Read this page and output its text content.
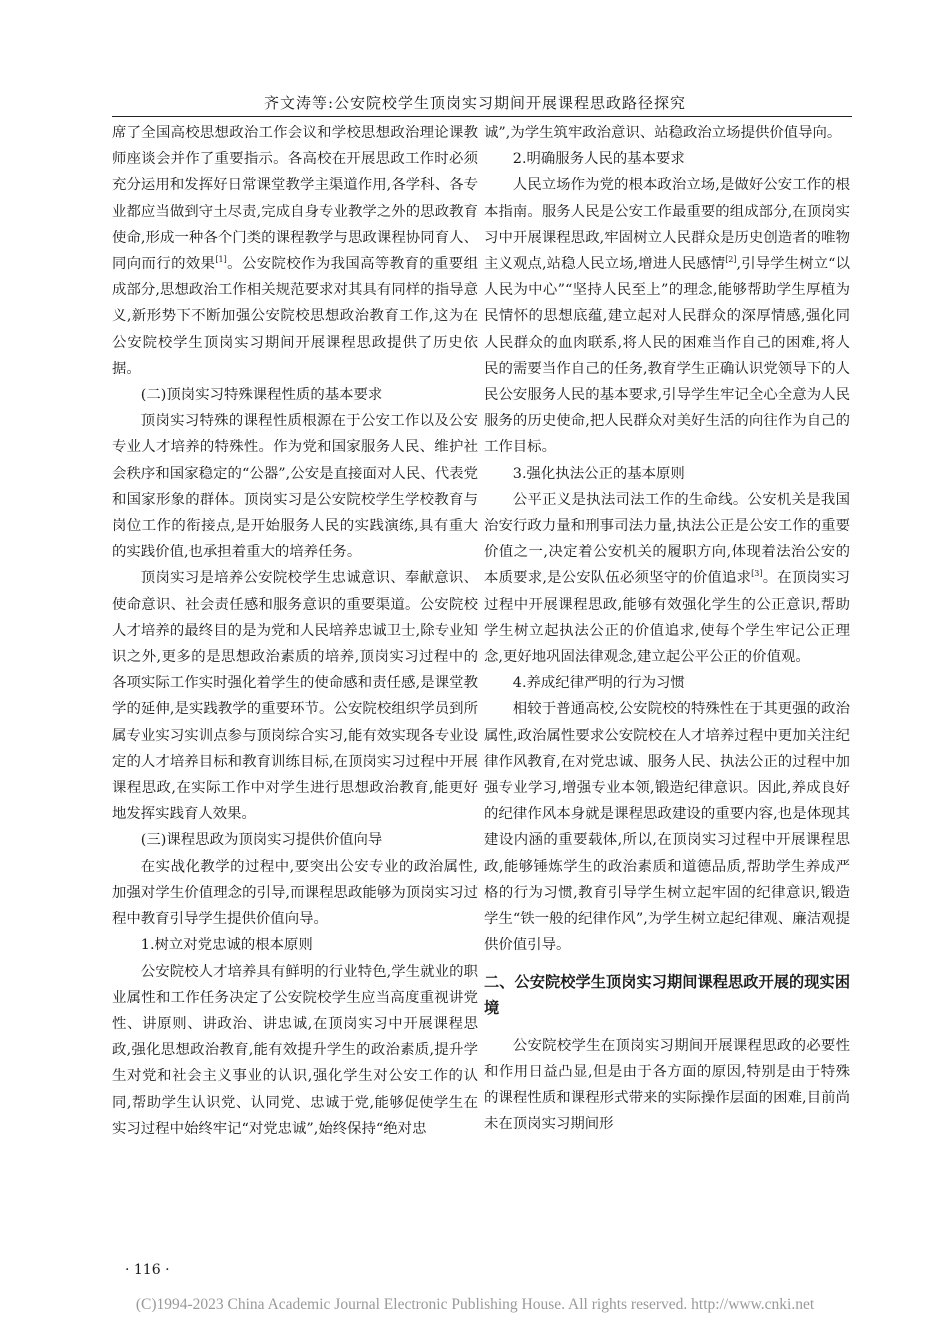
齐文涛等:公安院校学生顶岗实习期间开展课程思政路径探究

席了全国高校思想政治工作会议和学校思想政治理论课教师座谈会并作了重要指示。各高校在开展思政工作时必须充分运用和发挥好日常课堂教学主渠道作用,各学科、各专业都应当做到守土尽责,完成自身专业教学之外的思政教育使命,形成一种各个门类的课程教学与思政课程协同育人、同向而行的效果[1]。公安院校作为我国高等教育的重要组成部分,思想政治工作相关规范要求对其具有同样的指导意义,新形势下不断加强公安院校思想政治教育工作,这为在公安院校学生顶岗实习期间开展课程思政提供了历史依据。

(二)顶岗实习特殊课程性质的基本要求

顶岗实习特殊的课程性质根源在于公安工作以及公安专业人才培养的特殊性。作为党和国家服务人民、维护社会秩序和国家稳定的“公器”,公安是直接面对人民、代表党和国家形象的群体。顶岗实习是公安院校学生学校教育与岗位工作的衔接点,是开始服务人民的实践演练,具有重大的实践价值,也承担着重大的培养任务。

顶岗实习是培养公安院校学生忠诚意识、奉献意识、使命意识、社会责任感和服务意识的重要渠道。公安院校人才培养的最终目的是为党和人民培养忠诚卫士,除专业知识之外,更多的是思想政治素质的培养,顶岗实习过程中的各项实际工作实时强化着学生的使命感和责任感,是课堂教学的延伸,是实践教学的重要环节。公安院校组织学员到所属专业实习实训点参与顶岗综合实习,能有效实现各专业设定的人才培养目标和教育训练目标,在顶岗实习过程中开展课程思政,在实际工作中对学生进行思想政治教育,能更好地发挥实践育人效果。

(三)课程思政为顶岗实习提供价值向导

在实战化教学的过程中,要突出公安专业的政治属性,加强对学生价值理念的引导,而课程思政能够为顶岗实习过程中教育引导学生提供价值向导。

1.树立对党忠诚的根本原则

公安院校人才培养具有鲜明的行业特色,学生就业的职业属性和工作任务决定了公安院校学生应当高度重视讲党性、讲原则、讲政治、讲忠诚,在顶岗实习中开展课程思政,强化思想政治教育,能有效提升学生的政治素质,提升学生对党和社会主义事业的认识,强化学生对公安工作的认同,帮助学生认识党、认同党、忠诚于党,能够促使学生在实习过程中始终牢记“对党忠诚”,始终保持“绝对忠

诚”,为学生筑牢政治意识、站稳政治立场提供价值导向。

2.明确服务人民的基本要求

人民立场作为党的根本政治立场,是做好公安工作的根本指南。服务人民是公安工作最重要的组成部分,在顶岗实习中开展课程思政,牢固树立人民群众是历史创造者的唯物主义观点,站稳人民立场,增进人民感情[2],引导学生树立“以人民为中心”“坚持人民至上”的理念,能够帮助学生厚植为民情怀的思想底蕴,建立起对人民群众的深厚情感,强化同人民群众的血肉联系,将人民的困难当作自己的困难,将人民的需要当作自己的任务,教育学生正确认识党领导下的人民公安服务人民的基本要求,引导学生牢记全心全意为人民服务的历史使命,把人民群众对美好生活的向往作为自己的工作目标。

3.强化执法公正的基本原则

公平正义是执法司法工作的生命线。公安机关是我国治安行政力量和刑事司法力量,执法公正是公安工作的重要价值之一,决定着公安机关的履职方向,体现着法治公安的本质要求,是公安队伍必须坚守的价值追求[3]。在顶岗实习过程中开展课程思政,能够有效强化学生的公正意识,帮助学生树立起执法公正的价值追求,使每个学生牢记公正理念,更好地巩固法律观念,建立起公平公正的价值观。

4.养成纪律严明的行为习惯

相较于普通高校,公安院校的特殊性在于其更强的政治属性,政治属性要求公安院校在人才培养过程中更加关注纪律作风教育,在对党忠诚、服务人民、执法公正的过程中加强专业学习,增强专业本领,锻造纪律意识。因此,养成良好的纪律作风本身就是课程思政建设的重要内容,也是体现其建设内涵的重要载体,所以,在顶岗实习过程中开展课程思政,能够锤炼学生的政治素质和道德品质,帮助学生养成严格的行为习惯,教育引导学生树立起牢固的纪律意识,锻造学生“铁一般的纪律作风”,为学生树立起纪律观、廉洁观提供价值引导。

二、公安院校学生顶岗实习期间课程思政开展的现实困境

公安院校学生在顶岗实习期间开展课程思政的必要性和作用日益凸显,但是由于各方面的原因,特别是由于特殊的课程性质和课程形式带来的实际操作层面的困难,目前尚未在顶岗实习期间形

· 116 ·
(C)1994-2023 China Academic Journal Electronic Publishing House. All rights reserved. http://www.cnki.net
